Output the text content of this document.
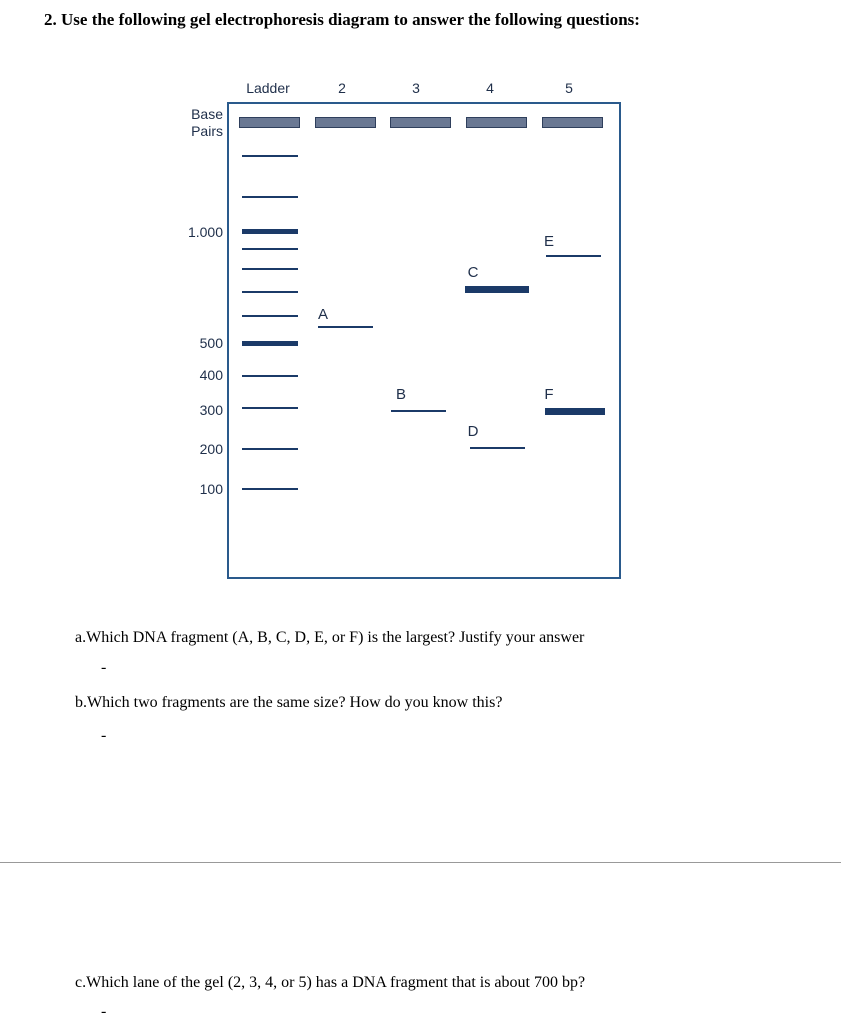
2. Use the following gel electrophoresis diagram to answer the following questions:
Ladder	2	3	4	5
Base
Pairs
1.000
500
400
300
200
100
A
B
C
D
E
F
a.Which DNA fragment (A, B, C, D, E, or F) is the largest? Justify your answer
-
b.Which two fragments are the same size? How do you know this?
-
c.Which lane of the gel (2, 3, 4, or 5) has a DNA fragment that is about 700 bp?
-
